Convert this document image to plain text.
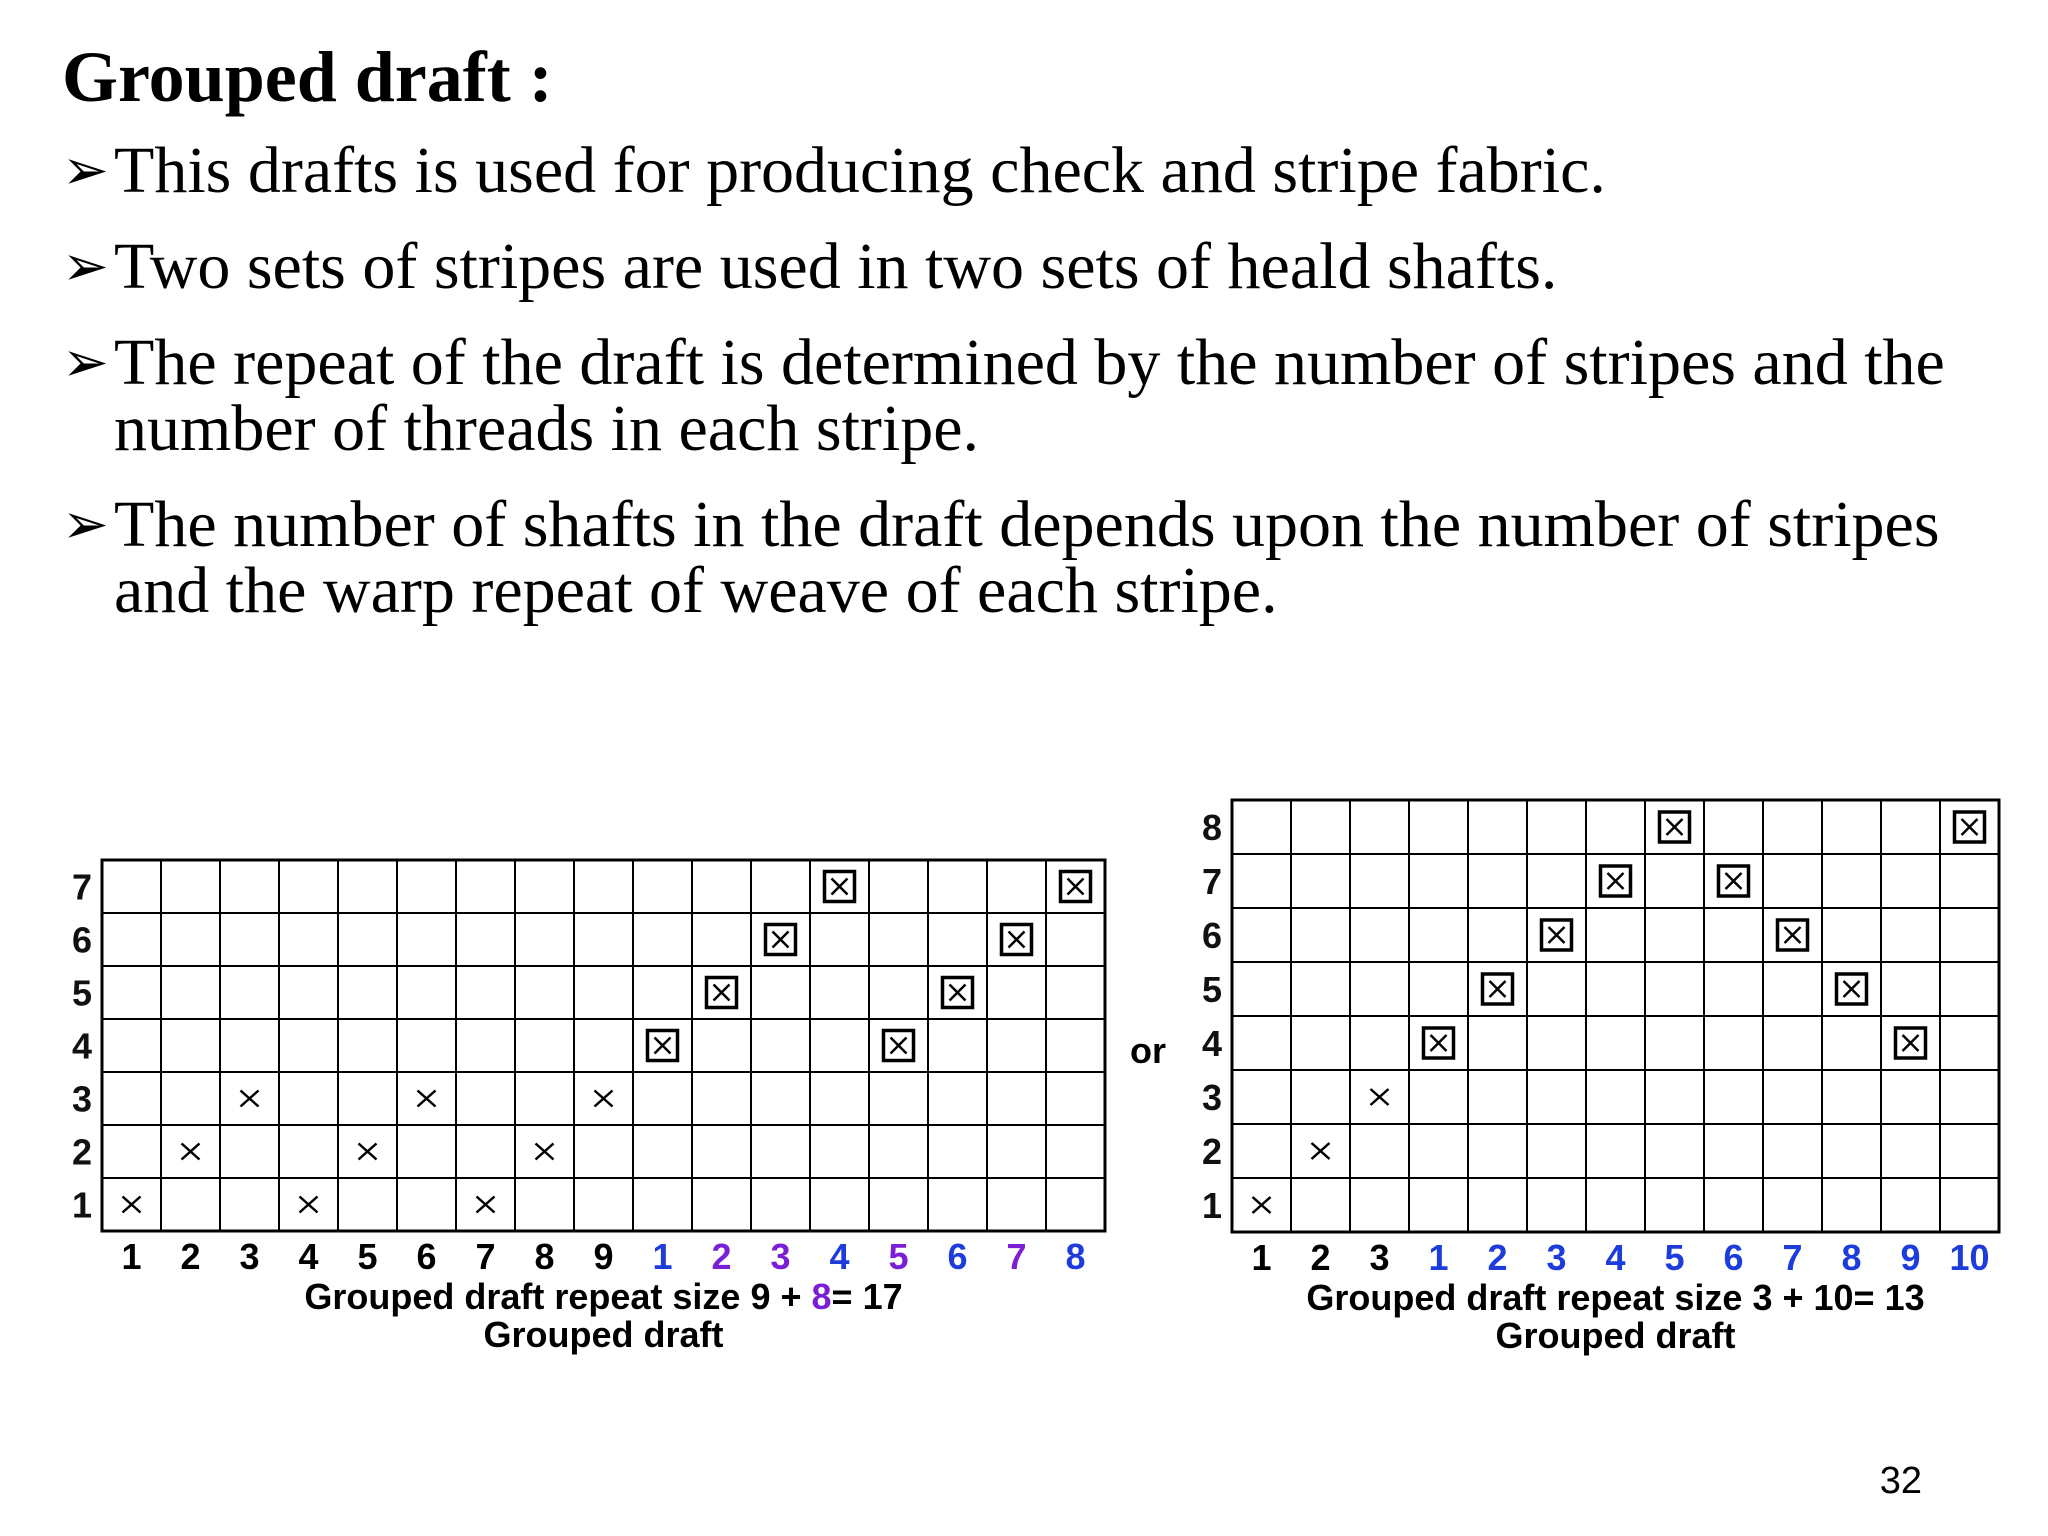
Grouped draft :
➢ This drafts is used for producing check and stripe fabric.
➢ Two sets of stripes are used in two sets of heald shafts.
➢ The repeat of the draft is determined by the number of stripes and the number of threads in each stripe.
➢ The number of shafts in the draft depends upon the number of stripes and the warp repeat of weave of each stripe.
1
2
3
4
5
6
7
1 2 3 4 5 6 7 8 9 1 2 3 4 5 6 7 8
Grouped draft repeat size 9 + 8= 17
Grouped draft
or
1
2
3
4
5
6
7
8
1 2 3 1 2 3 4 5 6 7 8 9 10
Grouped draft repeat size 3 + 10= 13
Grouped draft
32
